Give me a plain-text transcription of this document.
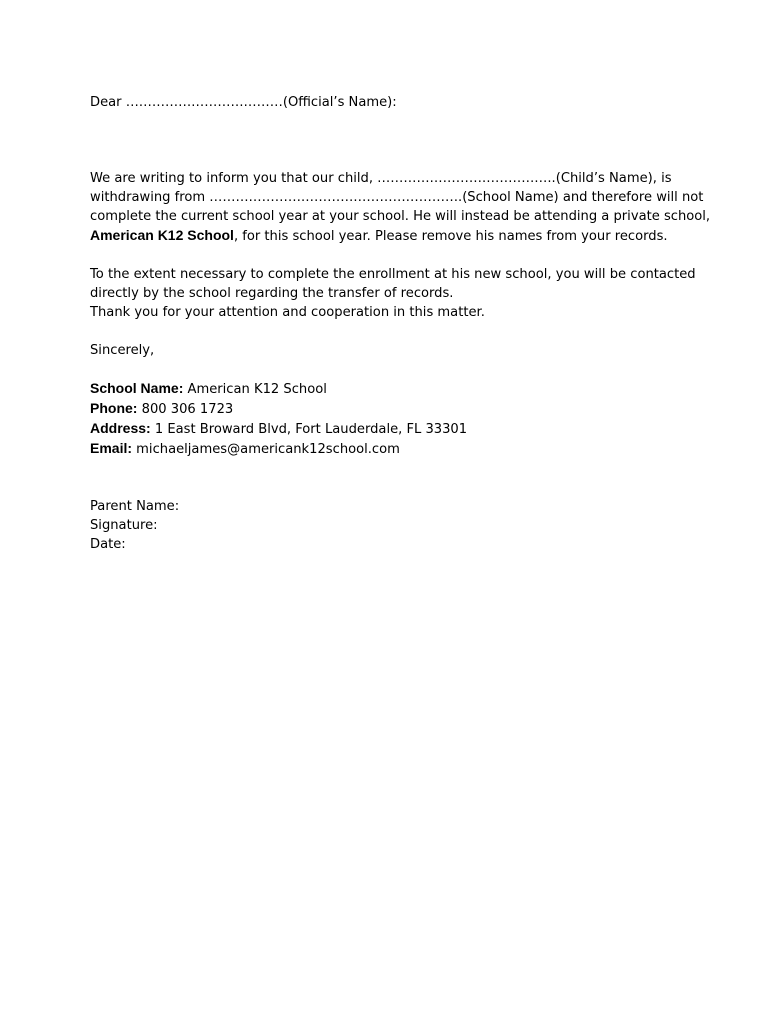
Dear ………………………………(Official’s Name):

We are writing to inform you that our child, …………………………………..(Child’s Name), is

withdrawing from ………………………………………………….(School Name) and therefore will not

complete the current school year at your school. He will instead be attending a private school,

American K12 School, for this school year. Please remove his names from your records.

To the extent necessary to complete the enrollment at his new school, you will be contacted

directly by the school regarding the transfer of records.

Thank you for your attention and cooperation in this matter.

Sincerely,

School Name: American K12 School

Phone: 800 306 1723

Address: 1 East Broward Blvd, Fort Lauderdale, FL 33301

Email: michaeljames@americank12school.com

Parent Name:

Signature:

Date:
